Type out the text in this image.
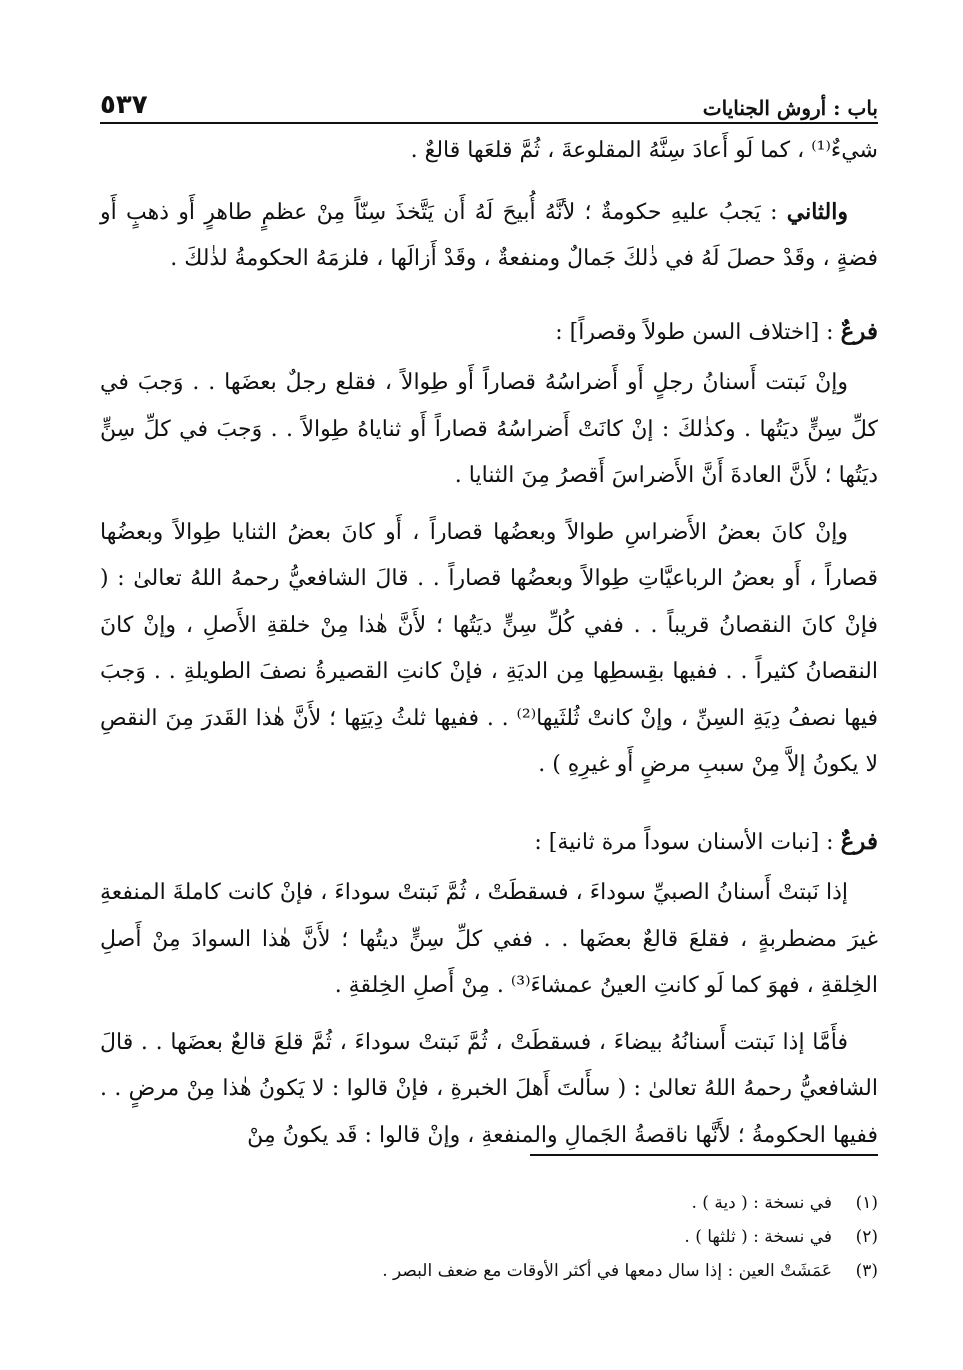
باب : أروش الجنايات
٥٣٧

شيءٌ⁽¹⁾ ، كما لَو أَعادَ سِنَّهُ المقلوعةَ ، ثُمَّ قلعَها قالعٌ .

والثاني : يَجبُ عليهِ حكومةٌ ؛ لأنَّهُ أُبيحَ لَهُ أَن يَتَّخذَ سِنّاً مِنْ عظمٍ طاهرٍ أَو ذهبٍ أَو فضةٍ ، وقَدْ حصلَ لَهُ في ذٰلكَ جَمالٌ ومنفعةٌ ، وقَدْ أَزالَها ، فلزمَهُ الحكومةُ لذٰلكَ .

فرعٌ : [اختلاف السن طولاً وقصراً] :

وإنْ نَبتت أَسنانُ رجلٍ أَو أَضراسُهُ قصاراً أَو طِوالاً ، فقلع رجلٌ بعضَها . . وَجبَ في كلِّ سِنٍّ ديَتُها . وكذٰلكَ : إنْ كانَتْ أَضراسُهُ قصاراً أَو ثناياهُ طِوالاً . . وَجبَ في كلِّ سِنٍّ ديَتُها ؛ لأَنَّ العادةَ أَنَّ الأَضراسَ أَقصرُ مِنَ الثنايا .

وإنْ كانَ بعضُ الأَضراسِ طوالاً وبعضُها قصاراً ، أَو كانَ بعضُ الثنايا طِوالاً وبعضُها قصاراً ، أَو بعضُ الرباعيَّاتِ طِوالاً وبعضُها قصاراً . . قالَ الشافعيُّ رحمهُ اللهُ تعالىٰ : ( فإنْ كانَ النقصانُ قريباً . . ففي كُلِّ سِنٍّ ديَتُها ؛ لأَنَّ هٰذا مِنْ خلقةِ الأَصلِ ، وإنْ كانَ النقصانُ كثيراً . . ففيها بقِسطِها مِن الديَةِ ، فإنْ كانتِ القصيرةُ نصفَ الطويلةِ . . وَجبَ فيها نصفُ دِيَةِ السِنِّ ، وإنْ كانتْ ثُلثَيها⁽²⁾ . . ففيها ثلثُ دِيَتِها ؛ لأَنَّ هٰذا القَدرَ مِنَ النقصِ لا يكونُ إلاَّ مِنْ سببِ مرضٍ أَو غيرِهِ ) .

فرعٌ : [نبات الأسنان سوداً مرة ثانية] :

إذا نَبتتْ أَسنانُ الصبيِّ سوداءَ ، فسقطَتْ ، ثُمَّ نَبتتْ سوداءَ ، فإنْ كانت كاملةَ المنفعةِ غيرَ مضطربةٍ ، فقلعَ قالعٌ بعضَها . . ففي كلِّ سِنٍّ ديتُها ؛ لأَنَّ هٰذا السوادَ مِنْ أَصلِ الخِلقةِ ، فهوَ كما لَو كانتِ العينُ عمشاءَ⁽³⁾ . مِنْ أَصلِ الخِلقةِ .

فأَمَّا إذا نَبتت أَسنانُهُ بيضاءَ ، فسقطَتْ ، ثُمَّ نَبتتْ سوداءَ ، ثُمَّ قلعَ قالعٌ بعضَها . . قالَ الشافعيُّ رحمهُ اللهُ تعالىٰ : ( سأَلتَ أَهلَ الخبرةِ ، فإنْ قالوا : لا يَكونُ هٰذا مِنْ مرضٍ . . ففيها الحكومةُ ؛ لأَنَّها ناقصةُ الجَمالِ والمنفعةِ ، وإنْ قالوا : قَد يكونُ مِنْ

(١)
في نسخة : ( دية ) .
(٢)
في نسخة : ( ثلثها ) .
(٣)
عَمَشَتْ العين : إذا سال دمعها في أكثر الأوقات مع ضعف البصر .
